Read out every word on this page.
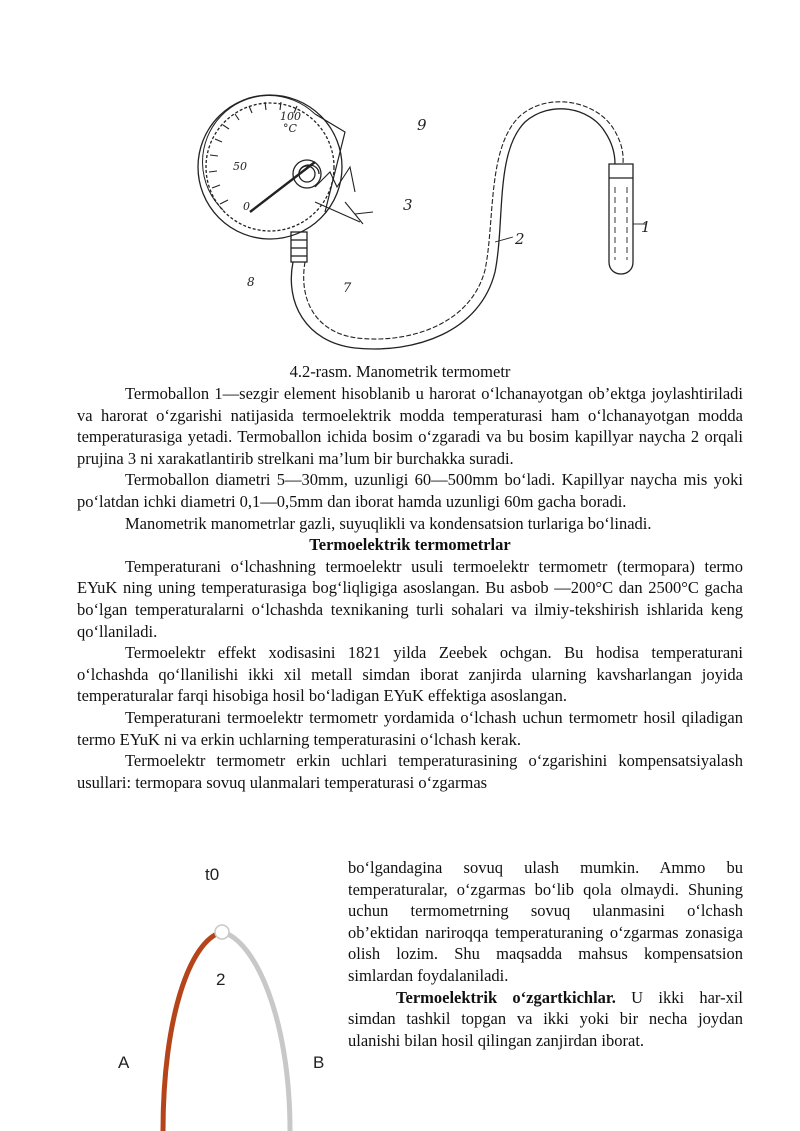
100
°C
50
0
1
2
3
7
8
9
4.2-rasm. Manometrik termometr

Termoballon 1—sezgir element hisoblanib u harorat o‘lchanayotgan ob’ektga joylashtiriladi va harorat o‘zgarishi natijasida termoelektrik modda temperaturasi ham o‘lchanayotgan modda temperaturasiga yetadi. Termoballon ichida bosim o‘zgaradi va bu bosim kapillyar naycha 2 orqali prujina 3 ni xarakatlantirib strelkani ma’lum bir burchakka suradi.

Termoballon diametri 5—30mm, uzunligi 60—500mm bo‘ladi. Kapillyar naycha mis yoki po‘latdan ichki diametri 0,1—0,5mm dan iborat hamda uzunligi 60m gacha boradi.

Manometrik manometrlar gazli, suyuqlikli va kondensatsion turlariga bo‘linadi.

Termoelektrik termometrlar

Temperaturani o‘lchashning termoelektr usuli termoelektr termometr (termopara) termo EYuK ning uning temperaturasiga bog‘liqligiga asoslangan. Bu asbob —200°C dan 2500°C gacha bo‘lgan temperaturalarni o‘lchashda texnikaning turli sohalari va ilmiy-tekshirish ishlarida keng qo‘llaniladi.

Termoelektr effekt xodisasini 1821 yilda Zeebek ochgan. Bu hodisa temperaturani o‘lchashda qo‘llanilishi ikki xil metall simdan iborat zanjirda ularning kavsharlangan joyida temperaturalar farqi hisobiga hosil bo‘ladigan EYuK effektiga asoslangan.

Temperaturani termoelektr termometr yordamida o‘lchash uchun termometr hosil qiladigan termo EYuK ni va erkin uchlarning temperaturasini o‘lchash kerak.

Termoelektr termometr erkin uchlari temperaturasining o‘zgarishini kompensatsiyalash usullari: termopara sovuq ulanmalari temperaturasi o‘zgarmas

t0
2
A	B

bo‘lgandagina sovuq ulash mumkin. Ammo bu temperaturalar, o‘zgarmas bo‘lib qola olmaydi. Shuning uchun termometrning sovuq ulanmasini o‘lchash ob’ektidan nariroqqa temperaturaning o‘zgarmas zonasiga olish lozim. Shu maqsadda mahsus kompensatsion simlardan foydalaniladi.

Termoelektrik o‘zgartkichlar. U ikki har-xil simdan tashkil topgan va ikki yoki bir necha joydan ulanishi bilan hosil qilingan zanjirdan iborat.
